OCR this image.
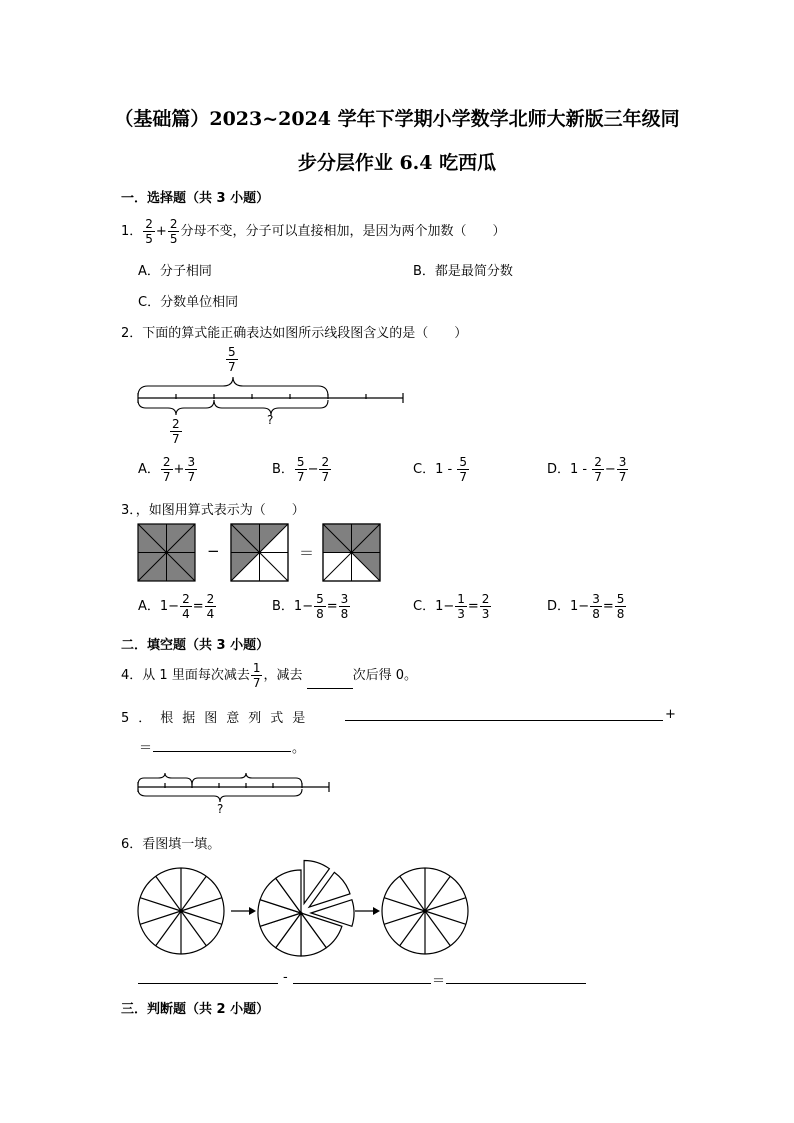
（基础篇）2023~2024 学年下学期小学数学北师大新版三年级同
步分层作业 6.4 吃西瓜
一．选择题（共 3 小题）
1． $\frac{2}{5} + \frac{2}{5}$ 分母不变，分子可以直接相加，是因为两个加数（　　）
A．分子相同	B．都是最简分数
C．分数单位相同
2．下面的算式能正确表达如图所示线段图含义的是（　　）
$\frac{5}{7}$
$\frac{2}{7}$	?
A． $\frac{2}{7} + \frac{3}{7}$	B． $\frac{5}{7} - \frac{2}{7}$	C．$1 - \frac{5}{7}$	D．$1 - \frac{2}{7} - \frac{3}{7}$
3．，如图用算式表示为（　　）
−	＝
A．$1- \frac{2}{4} = \frac{2}{4}$	B．$1- \frac{5}{8} = \frac{3}{8}$	C．$1- \frac{1}{3} = \frac{2}{3}$	D．$1- \frac{3}{8} = \frac{5}{8}$
二．填空题（共 3 小题）
4．从 1 里面每次减去 $\frac{1}{7}$ ，减去	次后得 0。
5．根据图意列式是	+
＝	。
?
6．看图填一填。
-	＝
三．判断题（共 2 小题）
